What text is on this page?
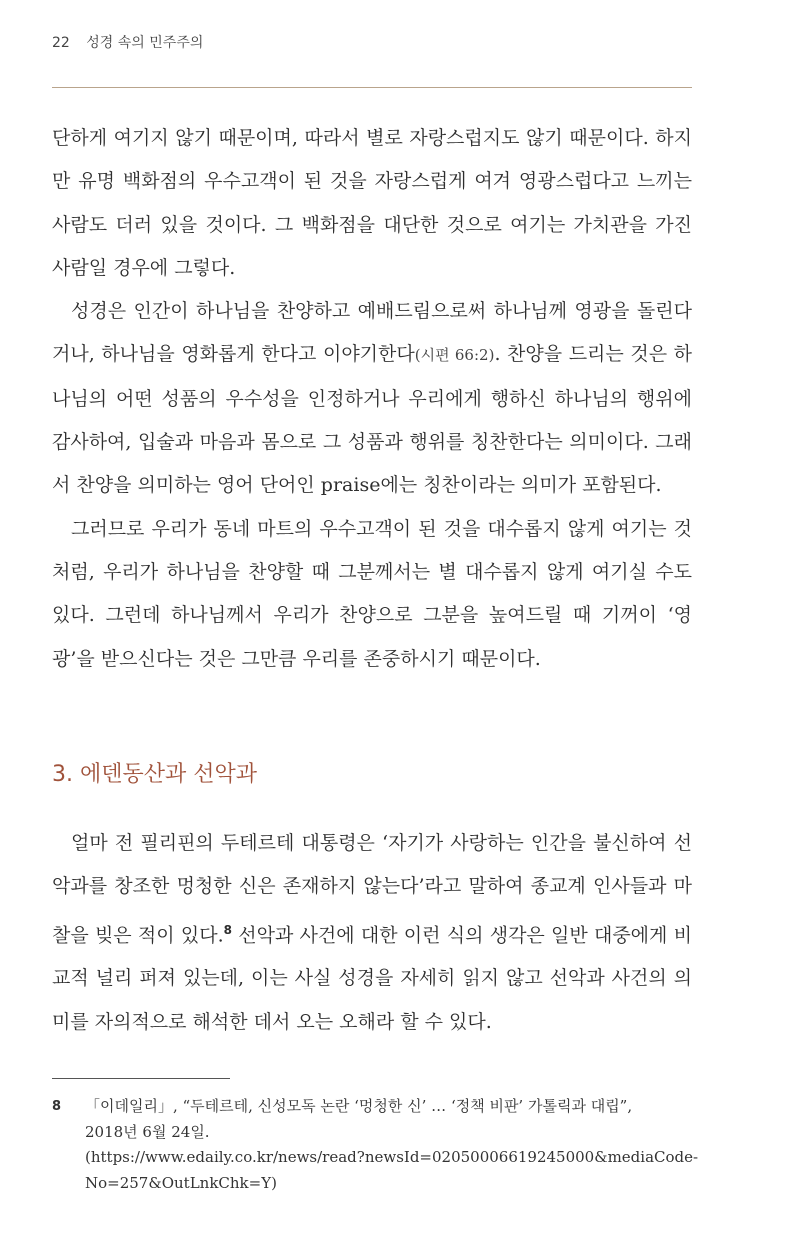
22 성경 속의 민주주의

단하게 여기지 않기 때문이며, 따라서 별로 자랑스럽지도 않기 때문이다. 하지만 유명 백화점의 우수고객이 된 것을 자랑스럽게 여겨 영광스럽다고 느끼는 사람도 더러 있을 것이다. 그 백화점을 대단한 것으로 여기는 가치관을 가진 사람일 경우에 그렇다.

성경은 인간이 하나님을 찬양하고 예배드림으로써 하나님께 영광을 돌린다거나, 하나님을 영화롭게 한다고 이야기한다(시편 66:2). 찬양을 드리는 것은 하나님의 어떤 성품의 우수성을 인정하거나 우리에게 행하신 하나님의 행위에 감사하여, 입술과 마음과 몸으로 그 성품과 행위를 칭찬한다는 의미이다. 그래서 찬양을 의미하는 영어 단어인 praise에는 칭찬이라는 의미가 포함된다.

그러므로 우리가 동네 마트의 우수고객이 된 것을 대수롭지 않게 여기는 것처럼, 우리가 하나님을 찬양할 때 그분께서는 별 대수롭지 않게 여기실 수도 있다. 그런데 하나님께서 우리가 찬양으로 그분을 높여드릴 때 기꺼이 ‘영광’을 받으신다는 것은 그만큼 우리를 존중하시기 때문이다.

3. 에덴동산과 선악과

얼마 전 필리핀의 두테르테 대통령은 ‘자기가 사랑하는 인간을 불신하여 선악과를 창조한 멍청한 신은 존재하지 않는다’라고 말하여 종교계 인사들과 마찰을 빚은 적이 있다.$^8$ 선악과 사건에 대한 이런 식의 생각은 일반 대중에게 비교적 널리 퍼져 있는데, 이는 사실 성경을 자세히 읽지 않고 선악과 사건의 의미를 자의적으로 해석한 데서 오는 오해라 할 수 있다.

8 「이데일리」, “두테르테, 신성모독 논란 ‘멍청한 신’ … ‘정책 비판’ 가톨릭과 대립”,
2018년 6월 24일.
(https://www.edaily.co.kr/news/read?newsId=02050006619245000&mediaCode-
No=257&OutLnkChk=Y)
